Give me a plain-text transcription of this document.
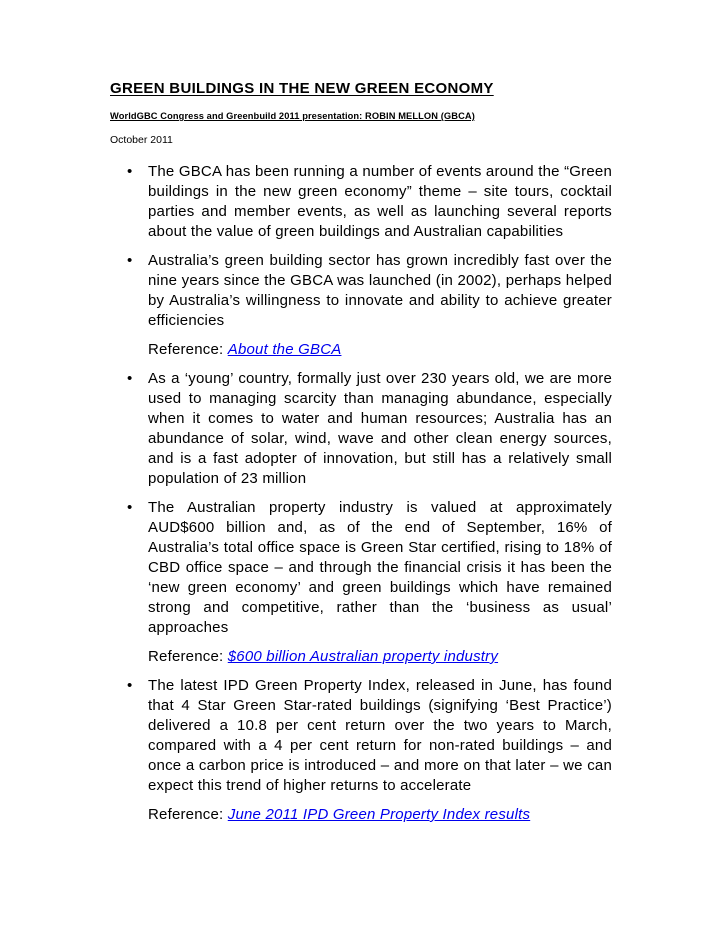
GREEN BUILDINGS IN THE NEW GREEN ECONOMY
WorldGBC Congress and Greenbuild 2011 presentation: ROBIN MELLON (GBCA)
October 2011
• The GBCA has been running a number of events around the “Green buildings in the new green economy” theme – site tours, cocktail parties and member events, as well as launching several reports about the value of green buildings and Australian capabilities

• Australia’s green building sector has grown incredibly fast over the nine years since the GBCA was launched (in 2002), perhaps helped by Australia’s willingness to innovate and ability to achieve greater efficiencies

Reference: About the GBCA

• As a ‘young’ country, formally just over 230 years old, we are more used to managing scarcity than managing abundance, especially when it comes to water and human resources; Australia has an abundance of solar, wind, wave and other clean energy sources, and is a fast adopter of innovation, but still has a relatively small population of 23 million

• The Australian property industry is valued at approximately AUD$600 billion and, as of the end of September, 16% of Australia’s total office space is Green Star certified, rising to 18% of CBD office space – and through the financial crisis it has been the ‘new green economy’ and green buildings which have remained strong and competitive, rather than the ‘business as usual’ approaches

Reference: $600 billion Australian property industry

• The latest IPD Green Property Index, released in June, has found that 4 Star Green Star-rated buildings (signifying ‘Best Practice’) delivered a 10.8 per cent return over the two years to March, compared with a 4 per cent return for non-rated buildings – and once a carbon price is introduced – and more on that later – we can expect this trend of higher returns to accelerate

Reference: June 2011 IPD Green Property Index results
